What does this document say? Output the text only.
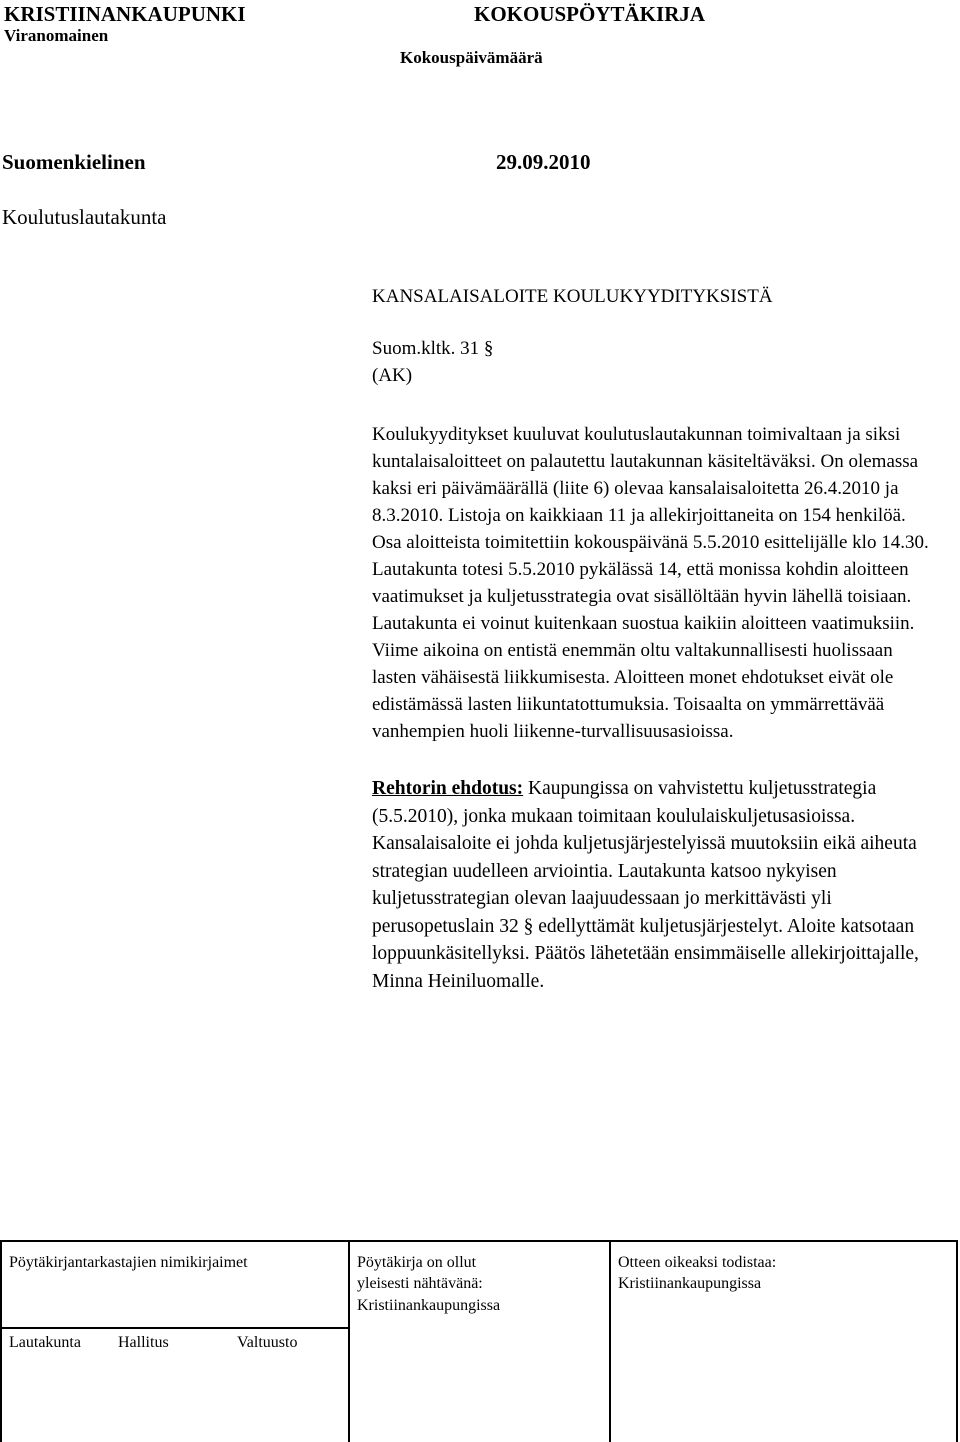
KRISTIINANKAUPUNKI
Viranomainen
KOKOUSPÖYTÄKIRJA
Kokouspäivämäärä
Suomenkielinen	29.09.2010
Koulutuslautakunta
KANSALAISALOITE KOULUKYYDITYKSISTÄ
Suom.kltk. 31 §
(AK)
Koulukyyditykset kuuluvat koulutuslautakunnan toimivaltaan ja siksi kuntalaisaloitteet on palautettu lautakunnan käsiteltäväksi. On olemassa kaksi eri päivämäärällä (liite 6) olevaa kansalaisaloitetta 26.4.2010 ja 8.3.2010. Listoja on kaikkiaan 11 ja allekirjoittaneita on 154 henkilöä. Osa aloitteista toimitettiin kokouspäivänä 5.5.2010 esittelijälle klo 14.30. Lautakunta totesi 5.5.2010 pykälässä 14, että monissa kohdin aloitteen vaatimukset ja kuljetusstrategia ovat sisällöltään hyvin lähellä toisiaan.
Lautakunta ei voinut kuitenkaan suostua kaikiin aloitteen vaatimuksiin.
Viime aikoina on entistä enemmän oltu valtakunnallisesti huolissaan lasten vähäisestä liikkumisesta. Aloitteen monet ehdotukset eivät ole edistämässä lasten liikuntatottumuksia. Toisaalta on ymmärrettävää vanhempien huoli liikenne-turvallisuusasioissa.
Rehtorin ehdotus: Kaupungissa on vahvistettu kuljetusstrategia (5.5.2010), jonka mukaan toimitaan koululaiskuljetusasioissa. Kansalaisaloite ei johda kuljetusjärjestelyissä muutoksiin eikä aiheuta strategian uudelleen arviointia. Lautakunta katsoo nykyisen kuljetusstrategian olevan laajuudessaan jo merkittävästi yli perusopetuslain 32 § edellyttämät kuljetusjärjestelyt. Aloite katsotaan loppuunkäsitellyksi. Päätös lähetetään ensimmäiselle allekirjoittajalle, Minna Heiniluomalle.
Pöytäkirjantarkastajien nimikirjaimet	Pöytäkirja on ollut
yleisesti nähtävänä:
Kristiinankaupungissa
Otteen oikeaksi todistaa:
Kristiinankaupungissa
Lautakunta Hallitus	Valtuusto
